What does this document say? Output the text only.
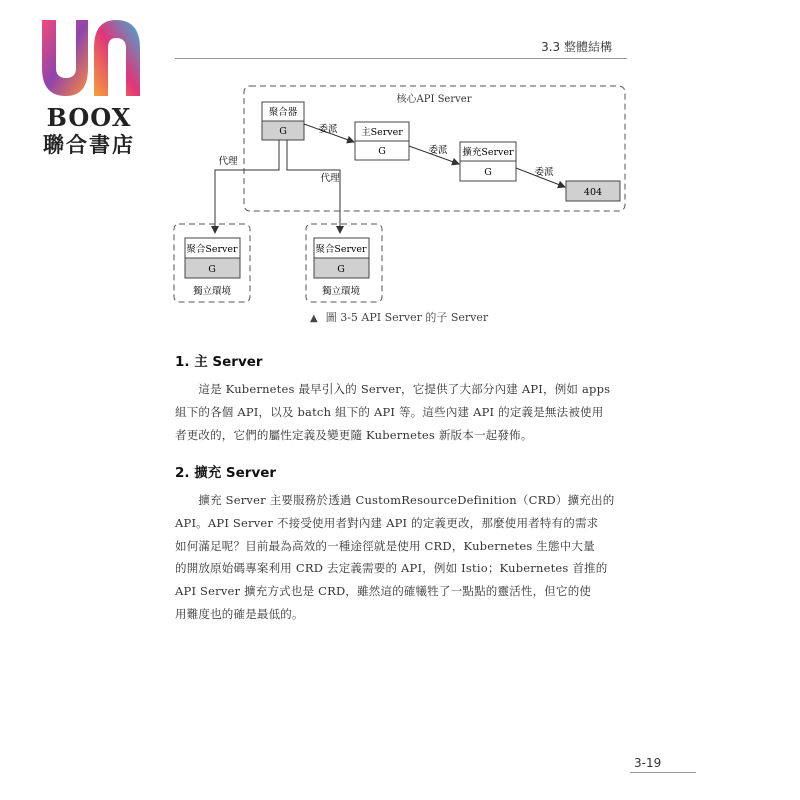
BOOX
聯合書店
3.3 整體結構
核心API Server
聚合器
G	主Server
G	擴充Server
G
404
委派
委派
委派
代理
代理
聚合Server
G
獨立環境
聚合Server
G
獨立環境
▲ 圖 3-5 API Server 的子 Server
1. 主 Server
　　這是 Kubernetes 最早引入的 Server，它提供了大部分內建 API，例如 apps
組下的各個 API，以及 batch 組下的 API 等。這些內建 API 的定義是無法被使用
者更改的，它們的屬性定義及變更隨 Kubernetes 新版本一起發佈。
2. 擴充 Server
　　擴充 Server 主要服務於透過 CustomResourceDefinition（CRD）擴充出的
API。API Server 不接受使用者對內建 API 的定義更改，那麼使用者特有的需求
如何滿足呢？目前最為高效的一種途徑就是使用 CRD，Kubernetes 生態中大量
的開放原始碼專案利用 CRD 去定義需要的 API，例如 Istio；Kubernetes 首推的
API Server 擴充方式也是 CRD，雖然這的確犧牲了一點點的靈活性，但它的使
用難度也的確是最低的。
3-19
